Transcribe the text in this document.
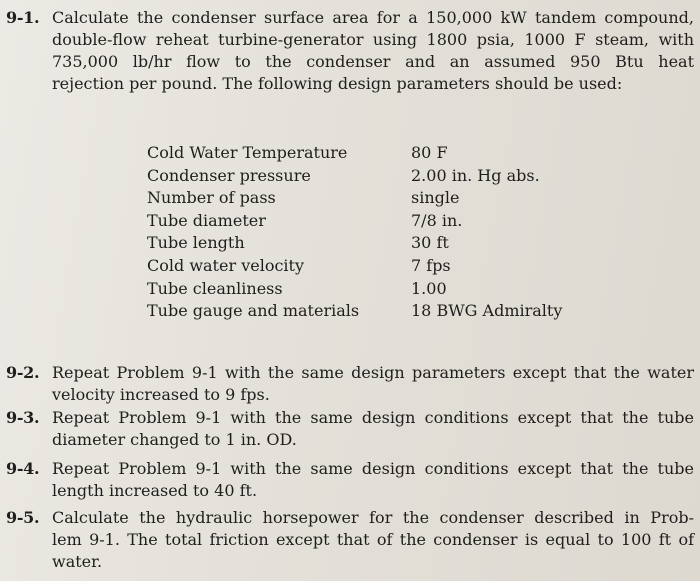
9-1. Calculate the condenser surface area for a 150,000 kW tandem compound,
double-flow reheat turbine-generator using 1800 psia, 1000 F steam, with
735,000 lb/hr flow to the condenser and an assumed 950 Btu heat
rejection per pound. The following design parameters should be used:
Cold Water Temperature	80 F
Condenser pressure	2.00 in. Hg abs.
Number of pass	single
Tube diameter	7/8 in.
Tube length	30 ft
Cold water velocity	7 fps
Tube cleanliness	1.00
Tube gauge and materials	18 BWG Admiralty
9-2. Repeat Problem 9-1 with the same design parameters except that the water
velocity increased to 9 fps.
9-3. Repeat Problem 9-1 with the same design conditions except that the tube
diameter changed to 1 in. OD.
9-4. Repeat Problem 9-1 with the same design conditions except that the tube
length increased to 40 ft.
9-5. Calculate the hydraulic horsepower for the condenser described in Prob-
lem 9-1. The total friction except that of the condenser is equal to 100 ft of
water.
